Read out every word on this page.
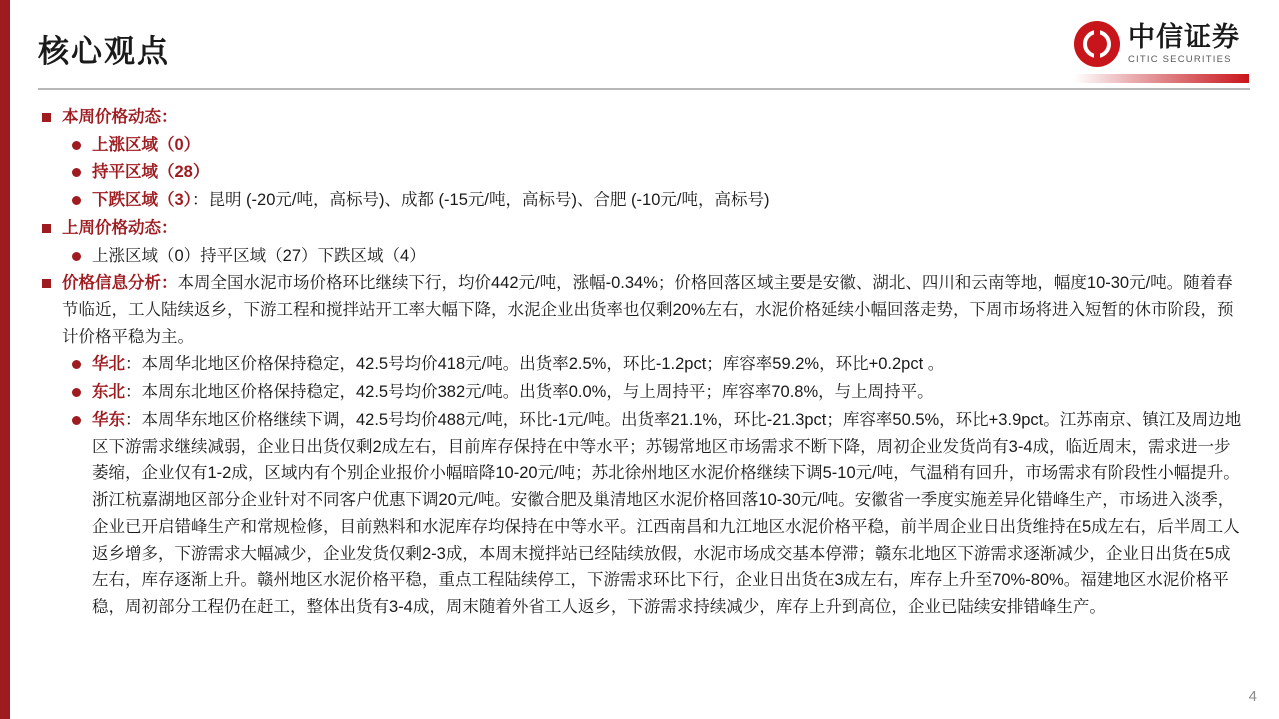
核心观点	中信证券
CITIC SECURITIES
本周价格动态：
上涨区域（0）
持平区域（28）
下跌区域（3）：昆明 (-20元/吨，高标号)、成都 (-15元/吨，高标号)、合肥 (-10元/吨，高标号)
上周价格动态：
上涨区域（0）持平区域（27）下跌区域（4）
价格信息分析：本周全国水泥市场价格环比继续下行，均价442元/吨，涨幅-0.34%；价格回落区域主要是安徽、湖北、四川和云南等地，幅度10-30元/吨。随着春节临近，工人陆续返乡，下游工程和搅拌站开工率大幅下降，水泥企业出货率也仅剩20%左右，水泥价格延续小幅回落走势，下周市场将进入短暂的休市阶段，预计价格平稳为主。
华北：本周华北地区价格保持稳定，42.5号均价418元/吨。出货率2.5%，环比-1.2pct；库容率59.2%，环比+0.2pct 。
东北：本周东北地区价格保持稳定，42.5号均价382元/吨。出货率0.0%，与上周持平；库容率70.8%，与上周持平。
华东：本周华东地区价格继续下调，42.5号均价488元/吨，环比-1元/吨。出货率21.1%，环比-21.3pct；库容率50.5%，环比+3.9pct。江苏南京、镇江及周边地区下游需求继续减弱，企业日出货仅剩2成左右，目前库存保持在中等水平；苏锡常地区市场需求不断下降，周初企业发货尚有3-4成，临近周末，需求进一步萎缩，企业仅有1-2成，区域内有个别企业报价小幅暗降10-20元/吨；苏北徐州地区水泥价格继续下调5-10元/吨，气温稍有回升，市场需求有阶段性小幅提升。浙江杭嘉湖地区部分企业针对不同客户优惠下调20元/吨。安徽合肥及巢清地区水泥价格回落10-30元/吨。安徽省一季度实施差异化错峰生产，市场进入淡季，企业已开启错峰生产和常规检修，目前熟料和水泥库存均保持在中等水平。江西南昌和九江地区水泥价格平稳，前半周企业日出货维持在5成左右，后半周工人返乡增多，下游需求大幅减少，企业发货仅剩2-3成，本周末搅拌站已经陆续放假，水泥市场成交基本停滞；赣东北地区下游需求逐渐减少，企业日出货在5成左右，库存逐渐上升。赣州地区水泥价格平稳，重点工程陆续停工，下游需求环比下行，企业日出货在3成左右，库存上升至70%-80%。福建地区水泥价格平稳，周初部分工程仍在赶工，整体出货有3-4成，周末随着外省工人返乡，下游需求持续减少，库存上升到高位，企业已陆续安排错峰生产。
4
